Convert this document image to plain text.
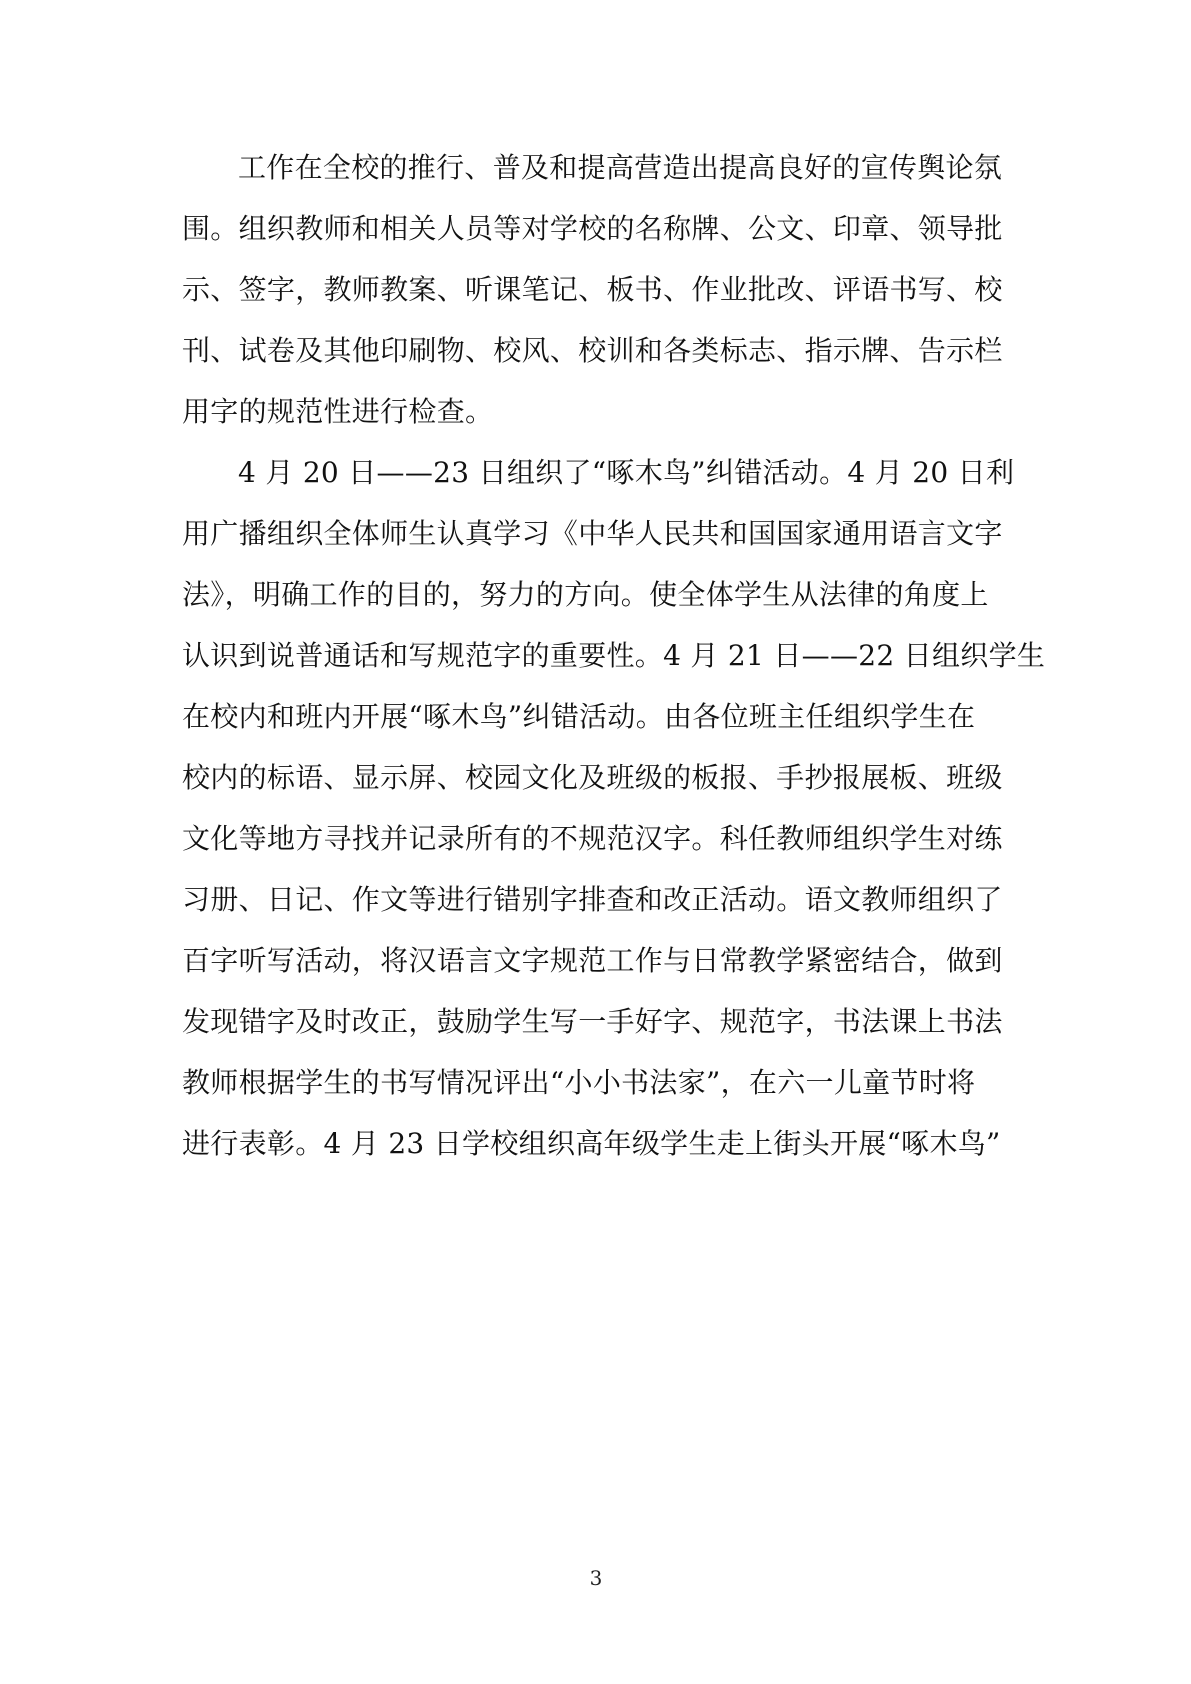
工作在全校的推行、普及和提高营造出提高良好的宣传舆论氛
围。组织教师和相关人员等对学校的名称牌、公文、印章、领导批
示、签字，教师教案、听课笔记、板书、作业批改、评语书写、校
刊、试卷及其他印刷物、校风、校训和各类标志、指示牌、告示栏
用字的规范性进行检查。
4 月 20 日——23 日组织了“啄木鸟”纠错活动。4 月 20 日利
用广播组织全体师生认真学习《中华人民共和国国家通用语言文字
法》，明确工作的目的，努力的方向。使全体学生从法律的角度上
认识到说普通话和写规范字的重要性。4 月 21 日——22 日组织学生
在校内和班内开展“啄木鸟”纠错活动。由各位班主任组织学生在
校内的标语、显示屏、校园文化及班级的板报、手抄报展板、班级
文化等地方寻找并记录所有的不规范汉字。科任教师组织学生对练
习册、日记、作文等进行错别字排查和改正活动。语文教师组织了
百字听写活动，将汉语言文字规范工作与日常教学紧密结合，做到
发现错字及时改正，鼓励学生写一手好字、规范字，书法课上书法
教师根据学生的书写情况评出“小小书法家”，在六一儿童节时将
进行表彰。4 月 23 日学校组织高年级学生走上街头开展“啄木鸟”
3
